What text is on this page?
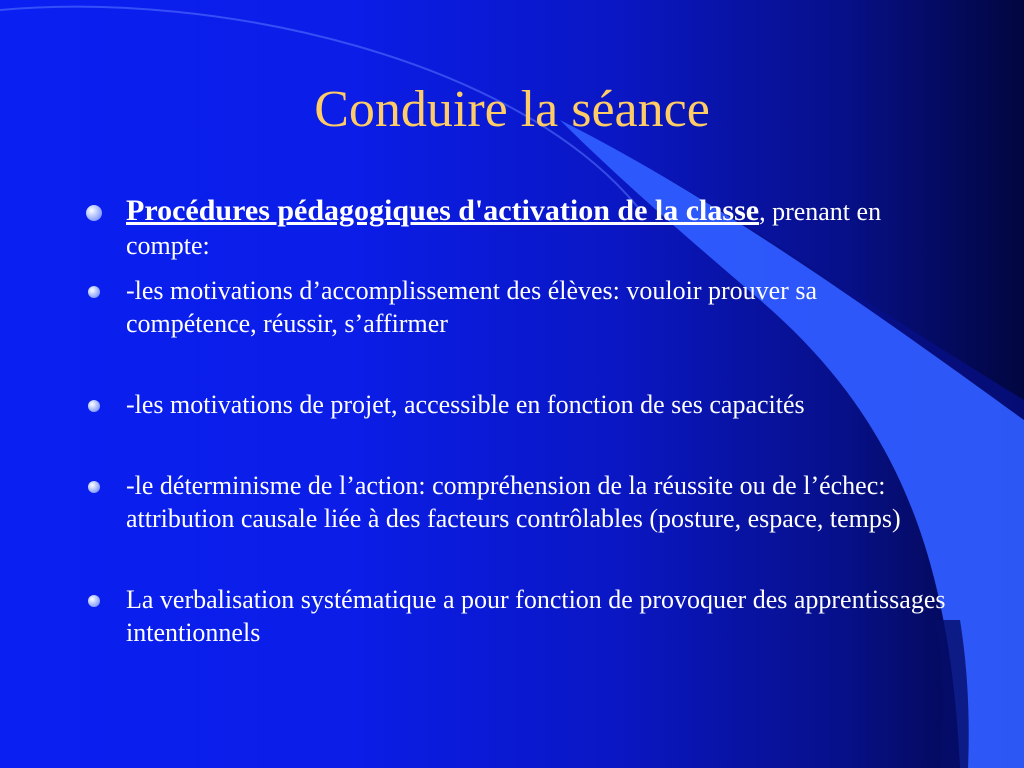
Conduire la séance
Procédures pédagogiques d'activation de la classe, prenant en compte:
-les motivations d’accomplissement des élèves: vouloir prouver sa compétence, réussir, s’affirmer
-les motivations de projet, accessible en fonction de ses capacités
-le déterminisme de l’action: compréhension de la réussite ou de l’échec: attribution causale liée à des facteurs contrôlables (posture, espace, temps)
La verbalisation systématique a pour fonction de provoquer des apprentissages intentionnels
